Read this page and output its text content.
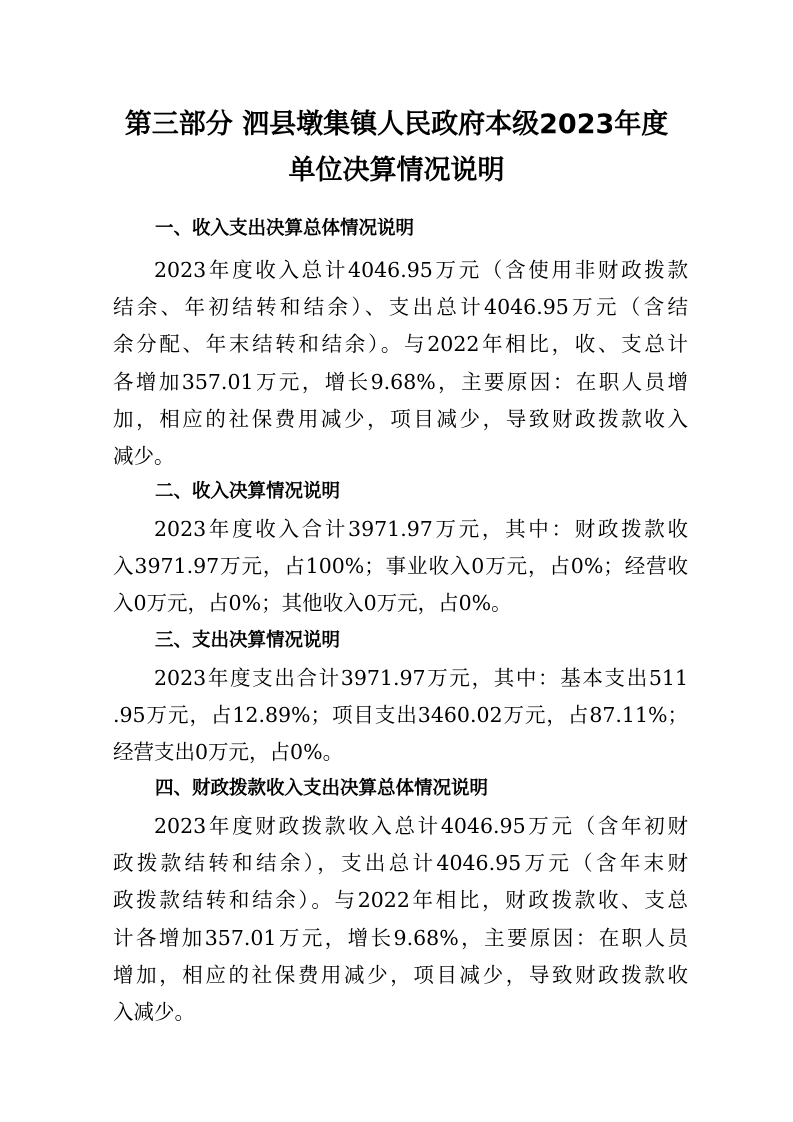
第三部分 泗县墩集镇人民政府本级2023年度
单位决算情况说明
一、收入支出决算总体情况说明
2023年度收入总计4046.95万元（含使用非财政拨款
结余、年初结转和结余）、支出总计4046.95万元（含结
余分配、年末结转和结余）。与2022年相比，收、支总计
各增加357.01万元，增长9.68%，主要原因：在职人员增
加，相应的社保费用减少，项目减少，导致财政拨款收入
减少。
二、收入决算情况说明
2023年度收入合计3971.97万元，其中：财政拨款收
入3971.97万元，占100%；事业收入0万元，占0%；经营收
入0万元，占0%；其他收入0万元，占0%。
三、支出决算情况说明
2023年度支出合计3971.97万元，其中：基本支出511
.95万元，占12.89%；项目支出3460.02万元，占87.11%；
经营支出0万元，占0%。
四、财政拨款收入支出决算总体情况说明
2023年度财政拨款收入总计4046.95万元（含年初财
政拨款结转和结余），支出总计4046.95万元（含年末财
政拨款结转和结余）。与2022年相比，财政拨款收、支总
计各增加357.01万元，增长9.68%，主要原因：在职人员
增加，相应的社保费用减少，项目减少，导致财政拨款收
入减少。
